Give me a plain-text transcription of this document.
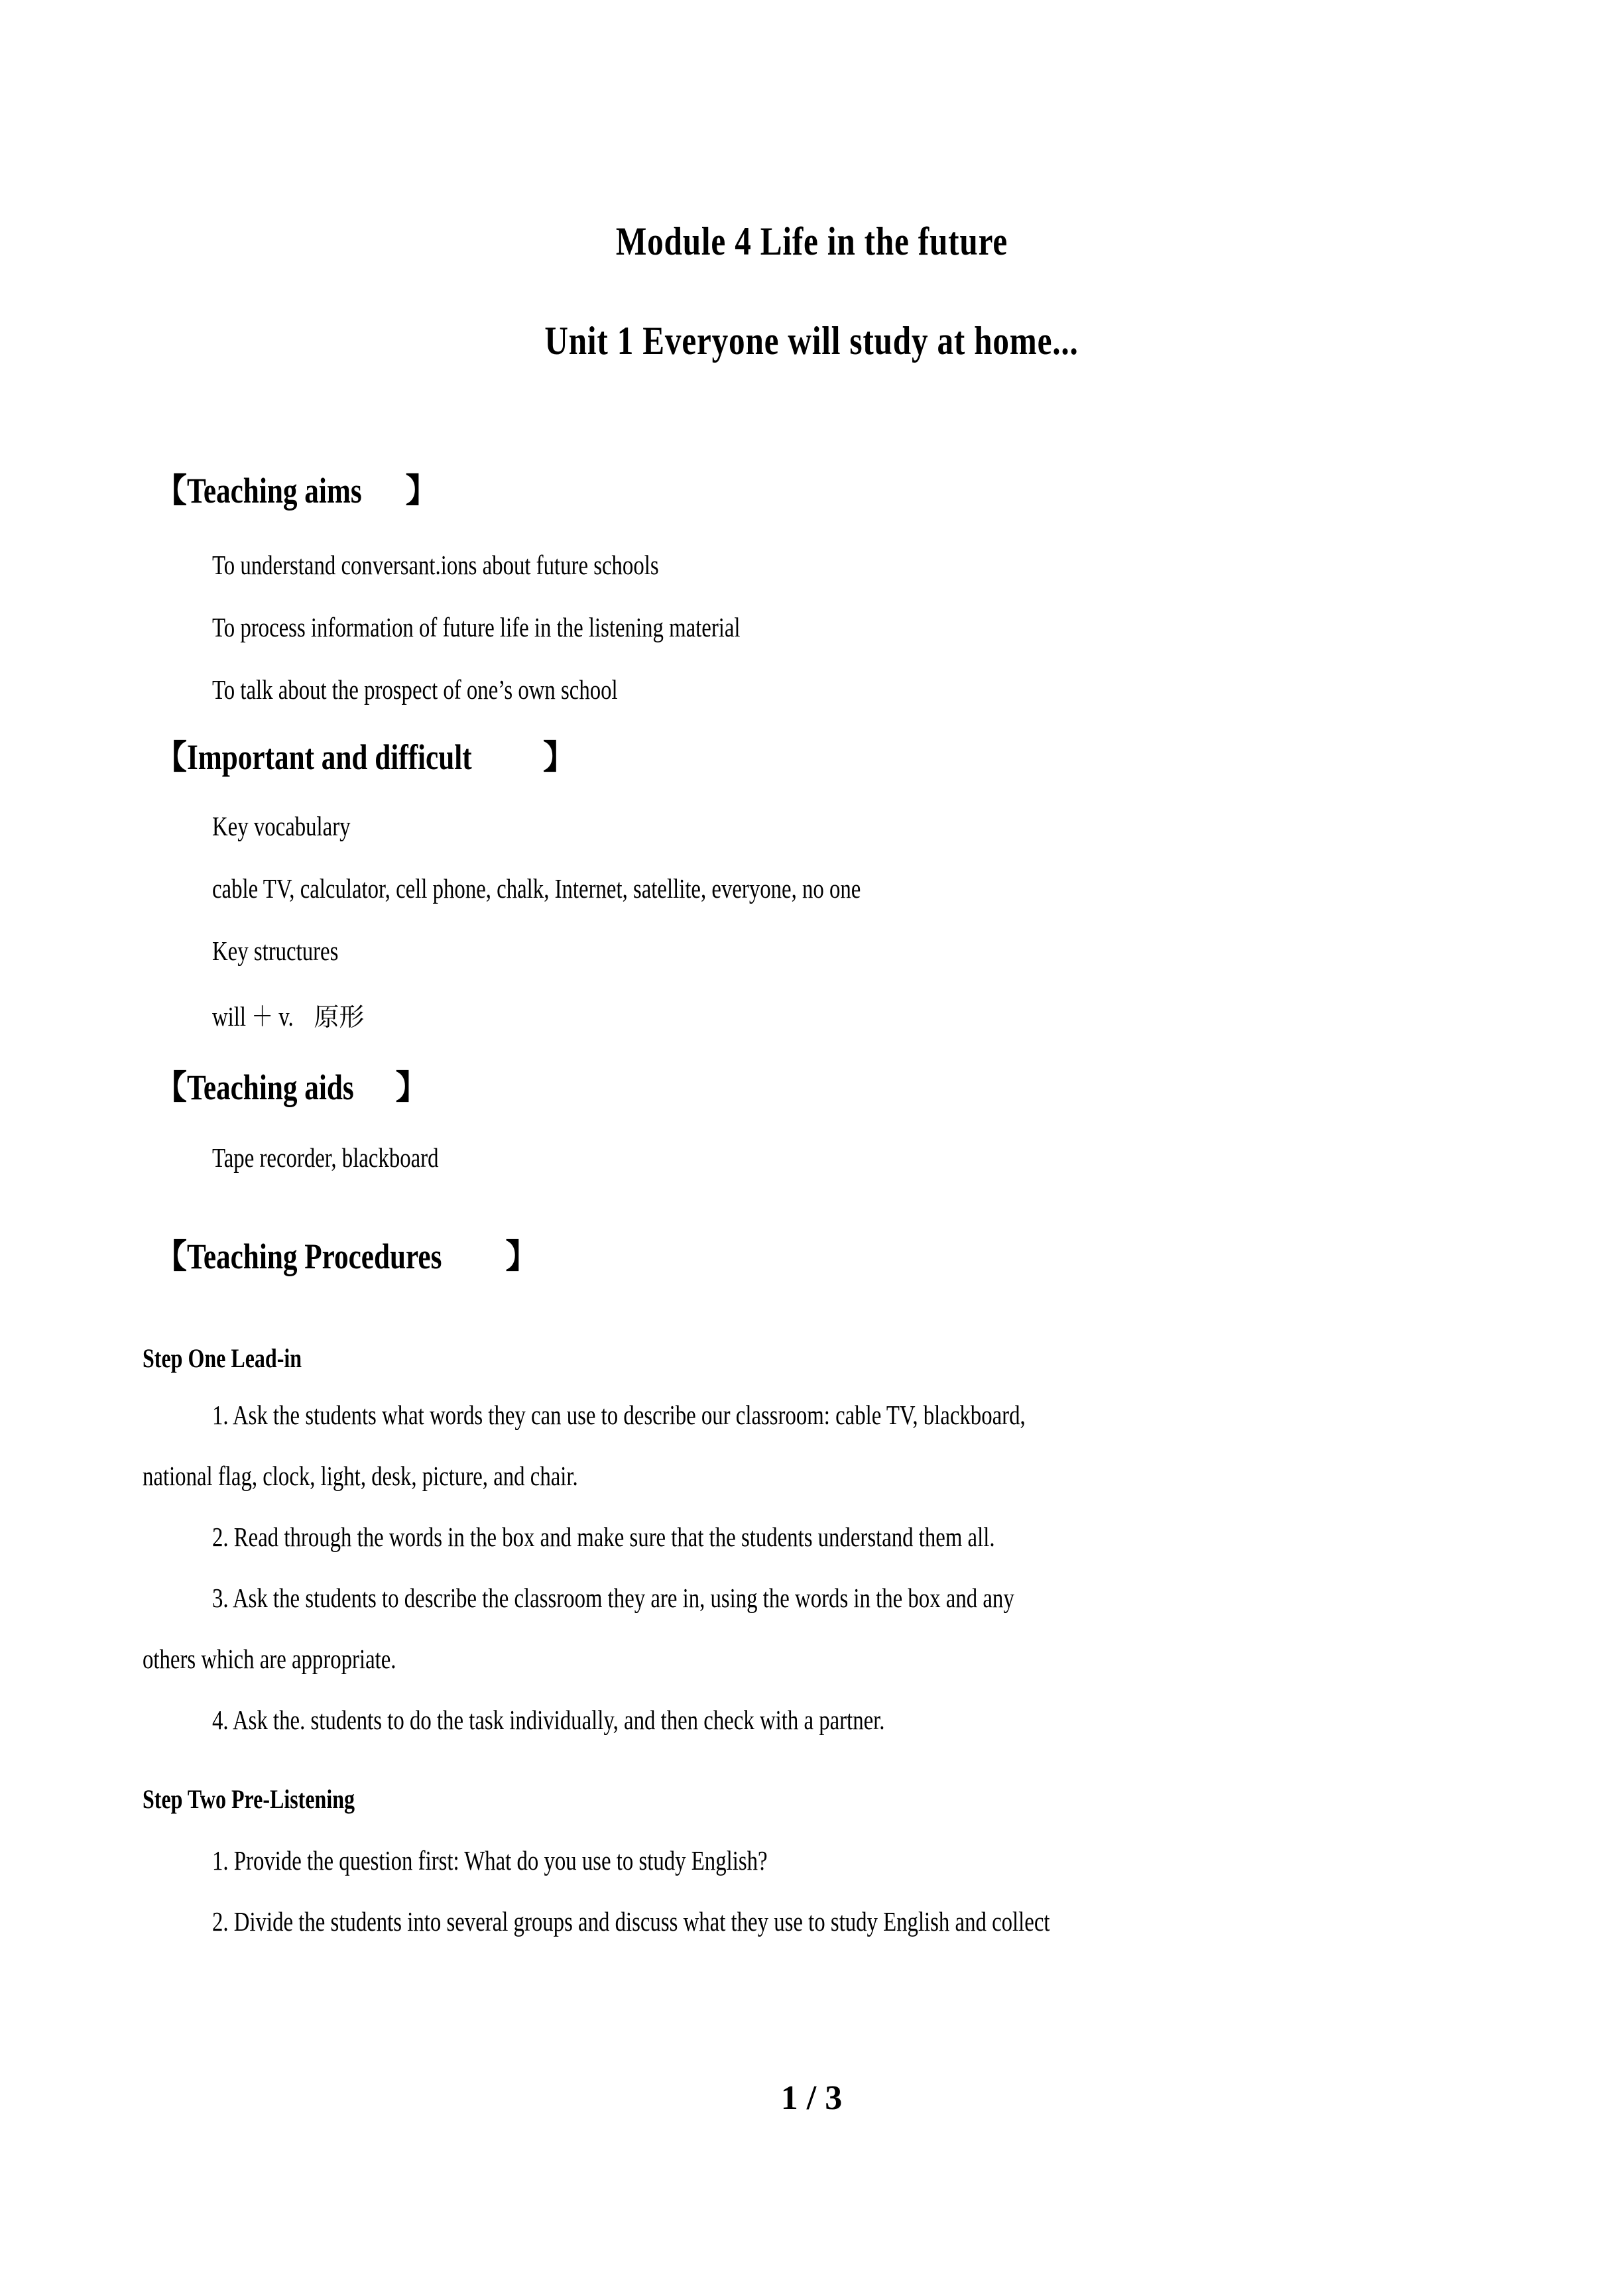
Module 4 Life in the future
Unit 1 Everyone will study at home...
【Teaching aims 】
To understand conversant.ions about future schools
To process information of future life in the listening material
To talk about the prospect of one’s own school
【Important and difficult 】
Key vocabulary
cable TV, calculator, cell phone, chalk, Internet, satellite, everyone, no one
Key structures
will ＋ v. 原形
【Teaching aids 】
Tape recorder, blackboard
【Teaching Procedures 】
Step One Lead-in
1. Ask the students what words they can use to describe our classroom: cable TV, blackboard,
national flag, clock, light, desk, picture, and chair.
2. Read through the words in the box and make sure that the students understand them all.
3. Ask the students to describe the classroom they are in, using the words in the box and any
others which are appropriate.
4. Ask the. students to do the task individually, and then check with a partner.
Step Two Pre-Listening
1. Provide the question first: What do you use to study English?
2. Divide the students into several groups and discuss what they use to study English and collect
1 / 3
